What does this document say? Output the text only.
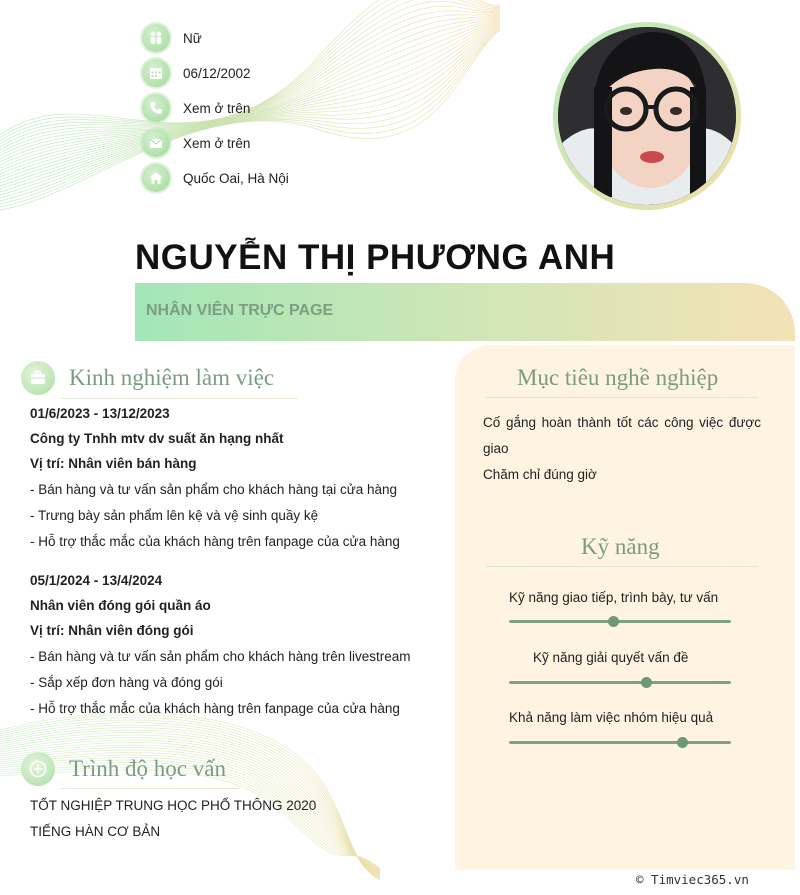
Nữ
06/12/2002
Xem ở trên
Xem ở trên
Quốc Oai, Hà Nội
NGUYỄN THỊ PHƯƠNG ANH
NHÂN VIÊN TRỰC PAGE
Mục tiêu nghề nghiệp
Cố gắng hoàn thành tốt các công việc được
giao
Chăm chỉ đúng giờ
Kỹ năng
Kỹ năng giao tiếp, trình bày, tư vấn
Kỹ năng giải quyết vấn đề
Khả năng làm việc nhóm hiệu quả
Kinh nghiệm làm việc
01/6/2023 - 13/12/2023
Công ty Tnhh mtv dv suất ăn hạng nhất
Vị trí: Nhân viên bán hàng
- Bán hàng và tư vấn sản phẩm cho khách hàng tại cửa hàng
- Trưng bày sản phẩm lên kệ và vệ sinh quầy kệ
- Hỗ trợ thắc mắc của khách hàng trên fanpage của cửa hàng
05/1/2024 - 13/4/2024
Nhân viên đóng gói quần áo
Vị trí: Nhân viên đóng gói
- Bán hàng và tư vấn sản phẩm cho khách hàng trên livestream
- Sắp xếp đơn hàng và đóng gói
- Hỗ trợ thắc mắc của khách hàng trên fanpage của cửa hàng
Trình độ học vấn
TỐT NGHIỆP TRUNG HỌC PHỔ THÔNG 2020
TIẾNG HÀN CƠ BẢN
© Timviec365.vn
